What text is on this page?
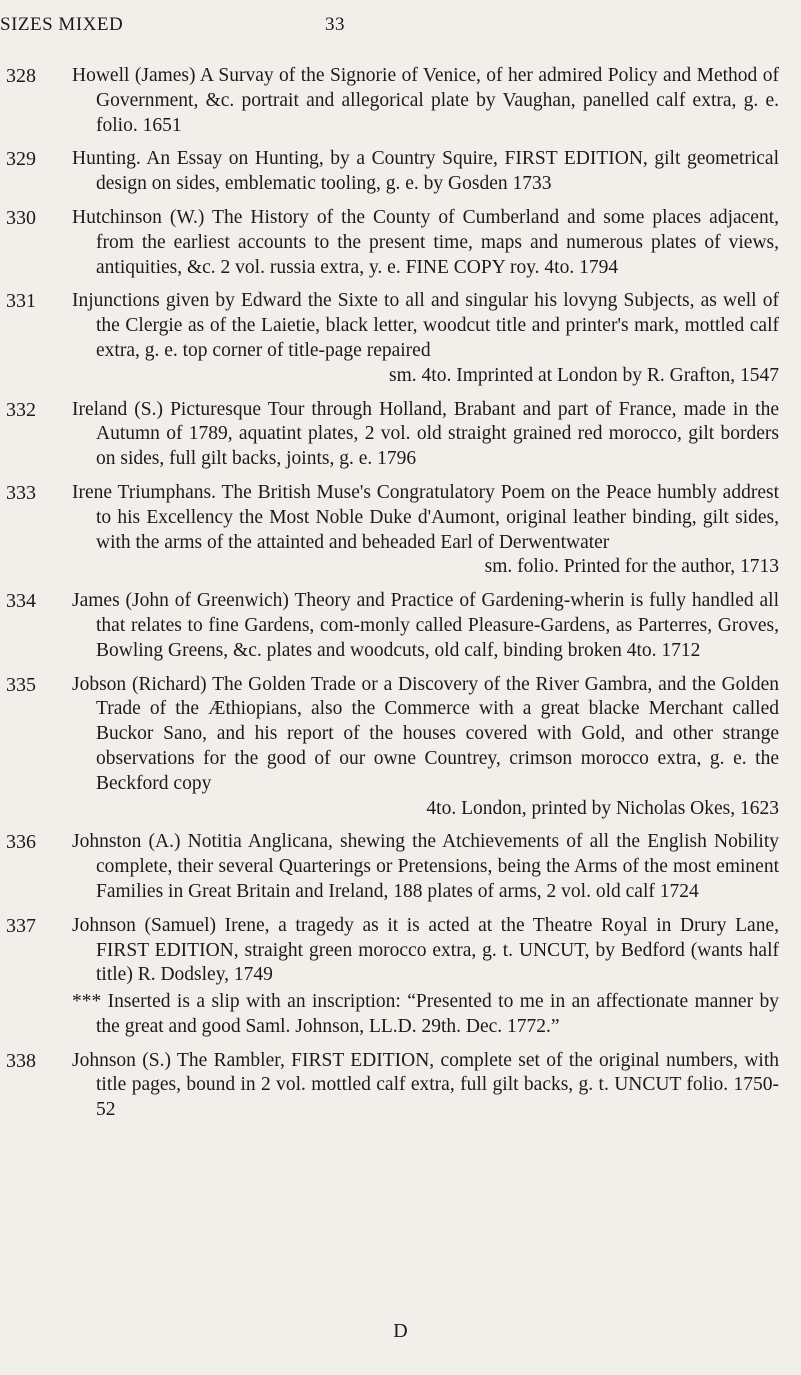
SIZES MIXED	33
328 Howell (James) A Survay of the Signorie of Venice, of her admired Policy and Method of Government, &c. portrait and allegorical plate by Vaughan, panelled calf extra, g. e. folio. 1651
329 Hunting. An Essay on Hunting, by a Country Squire, FIRST EDITION, gilt geometrical design on sides, emblematic tooling, g. e. by Gosden 1733
330 Hutchinson (W.) The History of the County of Cumberland and some places adjacent, from the earliest accounts to the present time, maps and numerous plates of views, antiquities, &c. 2 vol. russia extra, y. e. FINE COPY roy. 4to. 1794
331 Injunctions given by Edward the Sixte to all and singular his lovyng Subjects, as well of the Clergie as of the Laietie, black letter, woodcut title and printer's mark, mottled calf extra, g. e. top corner of title-page repaired
sm. 4to. Imprinted at London by R. Grafton, 1547
332 Ireland (S.) Picturesque Tour through Holland, Brabant and part of France, made in the Autumn of 1789, aquatint plates, 2 vol. old straight grained red morocco, gilt borders on sides, full gilt backs, joints, g. e. 1796
333 Irene Triumphans. The British Muse's Congratulatory Poem on the Peace humbly addrest to his Excellency the Most Noble Duke d'Aumont, original leather binding, gilt sides, with the arms of the attainted and beheaded Earl of Derwentwater
sm. folio. Printed for the author, 1713
334 James (John of Greenwich) Theory and Practice of Gardening-wherin is fully handled all that relates to fine Gardens, com-monly called Pleasure-Gardens, as Parterres, Groves, Bowling Greens, &c. plates and woodcuts, old calf, binding broken 4to. 1712
335 Jobson (Richard) The Golden Trade or a Discovery of the River Gambra, and the Golden Trade of the Æthiopians, also the Commerce with a great blacke Merchant called Buckor Sano, and his report of the houses covered with Gold, and other strange observations for the good of our owne Countrey, crimson morocco extra, g. e. the Beckford copy
4to. London, printed by Nicholas Okes, 1623
336 Johnston (A.) Notitia Anglicana, shewing the Atchievements of all the English Nobility complete, their several Quarterings or Pretensions, being the Arms of the most eminent Families in Great Britain and Ireland, 188 plates of arms, 2 vol. old calf 1724
337 Johnson (Samuel) Irene, a tragedy as it is acted at the Theatre Royal in Drury Lane, FIRST EDITION, straight green morocco extra, g. t. UNCUT, by Bedford (wants half title) R. Dodsley, 1749
*** Inserted is a slip with an inscription: “Presented to me in an affectionate manner by the great and good Saml. Johnson, LL.D. 29th. Dec. 1772.”
338 Johnson (S.) The Rambler, FIRST EDITION, complete set of the original numbers, with title pages, bound in 2 vol. mottled calf extra, full gilt backs, g. t. UNCUT folio. 1750-52
D
